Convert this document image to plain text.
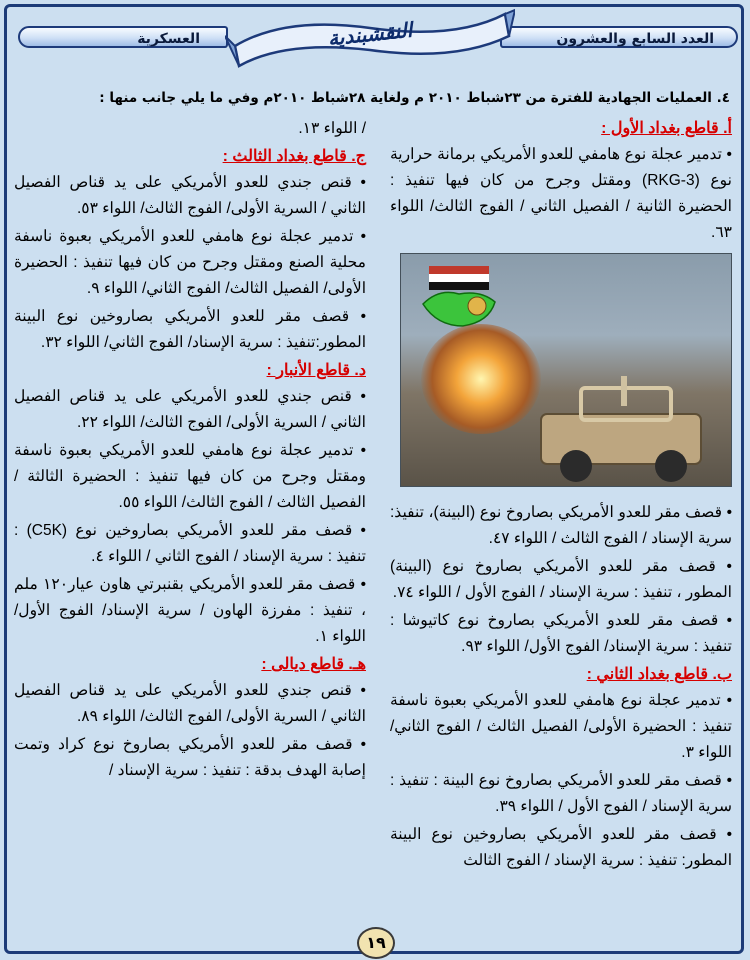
العسكرية	العدد السابع والعشرون
النقشبندية
٤. العمليات الجهادية للفترة من ٢٣شباط ٢٠١٠ م ولغاية ٢٨شباط ٢٠١٠م وفي ما يلي جانب منها :
أ. قاطع بغداد الأول :

• تدمير عجلة نوع هامفي للعدو الأمريكي برمانة حرارية نوع (RKG-3) ومقتل وجرح من كان فيها تنفيذ : الحضيرة الثانية / الفصيل الثاني / الفوج الثالث/ اللواء ٦٣.

• قصف مقر للعدو الأمريكي بصاروخ نوع (البينة)، تنفيذ: سرية الإسناد / الفوج الثالث / اللواء ٤٧.

• قصف مقر للعدو الأمريكي بصاروخ نوع (البينة) المطور ، تنفيذ : سرية الإسناد / الفوج الأول / اللواء ٧٤.

• قصف مقر للعدو الأمريكي بصاروخ نوع كاتيوشا : تنفيذ : سرية الإسناد/ الفوج الأول/ اللواء ٩٣.

ب. قاطع بغداد الثاني :

• تدمير عجلة نوع هامفي للعدو الأمريكي بعبوة ناسفة تنفيذ : الحضيرة الأولى/ الفصيل الثالث / الفوج الثاني/ اللواء ٣.

• قصف مقر للعدو الأمريكي بصاروخ نوع البينة : تنفيذ : سرية الإسناد / الفوج الأول / اللواء ٣٩.

• قصف مقر للعدو الأمريكي بصاروخين نوع البينة المطور: تنفيذ : سرية الإسناد / الفوج الثالث

/ اللواء ١٣.

ج. قاطع بغداد الثالث :

• قنص جندي للعدو الأمريكي على يد قناص الفصيل الثاني / السرية الأولى/ الفوج الثالث/ اللواء ٥٣.

• تدمير عجلة نوع هامفي للعدو الأمريكي بعبوة ناسفة محلية الصنع ومقتل وجرح من كان فيها تنفيذ : الحضيرة الأولى/ الفصيل الثالث/ الفوج الثاني/ اللواء ٩.

• قصف مقر للعدو الأمريكي بصاروخين نوع البينة المطور:تنفيذ : سرية الإسناد/ الفوج الثاني/ اللواء ٣٢.

د. قاطع الأنبار :

• قنص جندي للعدو الأمريكي على يد قناص الفصيل الثاني / السرية الأولى/ الفوج الثالث/ اللواء ٢٢.

• تدمير عجلة نوع هامفي للعدو الأمريكي بعبوة ناسفة ومقتل وجرح من كان فيها تنفيذ : الحضيرة الثالثة / الفصيل الثالث / الفوج الثالث/ اللواء ٥٥.

• قصف مقر للعدو الأمريكي بصاروخين نوع (C5K) : تنفيذ : سرية الإسناد / الفوج الثاني / اللواء ٤.

• قصف مقر للعدو الأمريكي بقنبرتي هاون عيار١٢٠ ملم ، تنفيذ : مفرزة الهاون / سرية الإسناد/ الفوج الأول/ اللواء ١.

هـ. قاطع ديالى :

• قنص جندي للعدو الأمريكي على يد قناص الفصيل الثاني / السرية الأولى/ الفوج الثالث/ اللواء ٨٩.

• قصف مقر للعدو الأمريكي بصاروخ نوع كراد وتمت إصابة الهدف بدقة : تنفيذ : سرية الإسناد /

١٩
